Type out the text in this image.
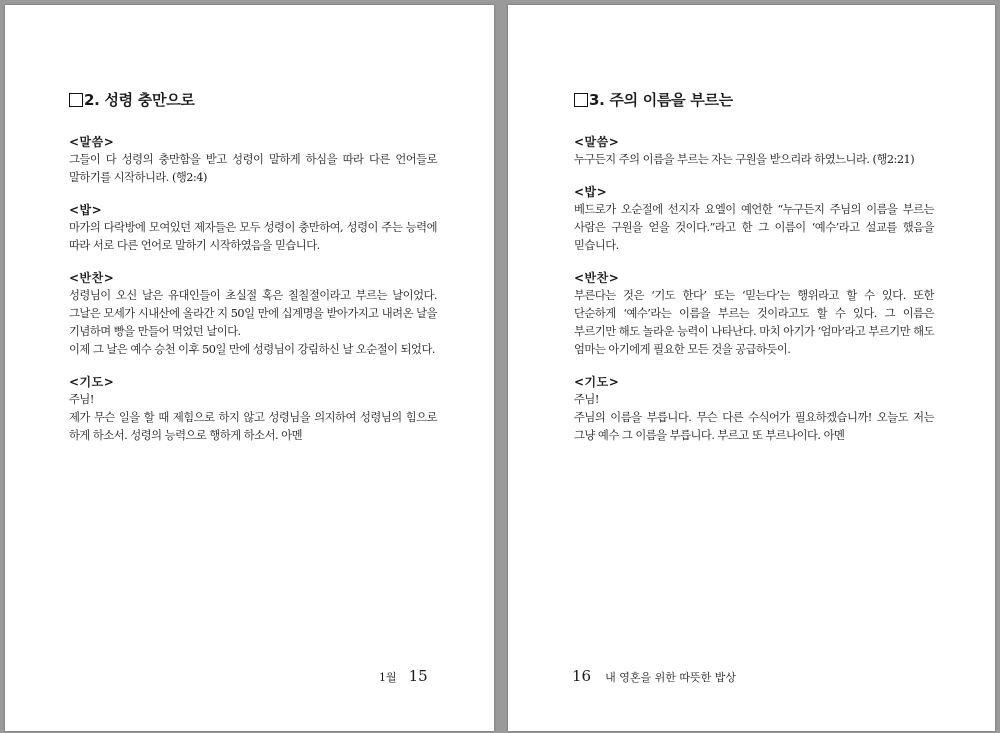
2. 성령 충만으로
<말씀>
그들이 다 성령의 충만함을 받고 성령이 말하게 하심을 따라 다른 언어들로 말하기를 시작하니라. (행2:4)
<밥>
마가의 다락방에 모여있던 제자들은 모두 성령이 충만하여, 성령이 주는 능력에 따라 서로 다른 언어로 말하기 시작하였음을 믿습니다.
<반찬>
성령님이 오신 날은 유대인들이 초실절 혹은 칠칠절이라고 부르는 날이었다. 그날은 모세가 시내산에 올라간 지 50일 만에 십계명을 받아가지고 내려온 날을 기념하며 빵을 만들어 먹었던 날이다.
이제 그 날은 예수 승천 이후 50일 만에 성령님이 강림하신 날 오순절이 되었다.
<기도>
주님!
제가 무슨 일을 할 때 제힘으로 하지 않고 성령님을 의지하여 성령님의 힘으로 하게 하소서. 성령의 능력으로 행하게 하소서. 아멘
1월 15
3. 주의 이름을 부르는
<말씀>
누구든지 주의 이름을 부르는 자는 구원을 받으리라 하였느니라. (행2:21)
<밥>
베드로가 오순절에 선지자 요엘이 예언한 “누구든지 주님의 이름을 부르는 사람은 구원을 얻을 것이다.”라고 한 그 이름이 ‘예수’라고 설교를 했음을 믿습니다.
<반찬>
부른다는 것은 ‘기도 한다’ 또는 ‘믿는다’는 행위라고 할 수 있다. 또한 단순하게 ‘예수’라는 이름을 부르는 것이라고도 할 수 있다. 그 이름은 부르기만 해도 놀라운 능력이 나타난다. 마치 아기가 ‘엄마’라고 부르기만 해도 엄마는 아기에게 필요한 모든 것을 공급하듯이.
<기도>
주님!
주님의 이름을 부릅니다. 무슨 다른 수식어가 필요하겠습니까! 오늘도 저는 그냥 예수 그 이름을 부릅니다. 부르고 또 부르나이다. 아멘
16 내 영혼을 위한 따뜻한 밥상
